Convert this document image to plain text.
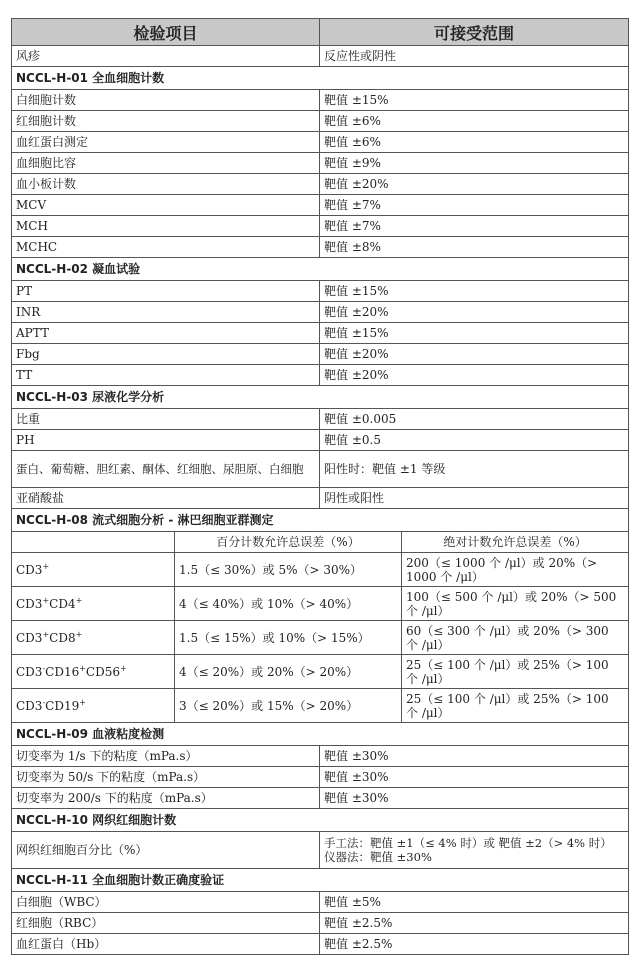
检验项目		可接受范围	
风疹		反应性或阴性	
NCCL-H-01 全血细胞计数			
白细胞计数		靶值 ±15%	
红细胞计数		靶值 ±6%	
血红蛋白测定		靶值 ±6%	
血细胞比容		靶值 ±9%	
血小板计数		靶值 ±20%	
MCV		靶值 ±7%	
MCH		靶值 ±7%	
MCHC		靶值 ±8%	
NCCL-H-02 凝血试验			
PT		靶值 ±15%	
INR		靶值 ±20%	
APTT		靶值 ±15%	
Fbg		靶值 ±20%	
TT		靶值 ±20%	
NCCL-H-03 尿液化学分析			
比重		靶值 ±0.005	
PH		靶值 ±0.5	
蛋白、葡萄糖、胆红素、酮体、红细胞、尿胆原、白细胞		阳性时：靶值 ±1 等级	
亚硝酸盐		阴性或阳性	
NCCL-H-08 流式细胞分析 - 淋巴细胞亚群测定			
	百分计数允许总误差（%）		绝对计数允许总误差（%）
CD3+	1.5（≤ 30%）或 5%（> 30%）		200（≤ 1000 个 /μl）或 20%（> 1000 个 /μl）
CD3+CD4+	4（≤ 40%）或 10%（> 40%）		100（≤ 500 个 /μl）或 20%（> 500 个 /μl）
CD3+CD8+	1.5（≤ 15%）或 10%（> 15%）		60（≤ 300 个 /μl）或 20%（> 300 个 /μl）
CD3-CD16+CD56+	4（≤ 20%）或 20%（> 20%）		25（≤ 100 个 /μl）或 25%（> 100 个 /μl）
CD3-CD19+	3（≤ 20%）或 15%（> 20%）		25（≤ 100 个 /μl）或 25%（> 100 个 /μl）
NCCL-H-09 血液粘度检测			
切变率为 1/s 下的粘度（mPa.s）		靶值 ±30%	
切变率为 50/s 下的粘度（mPa.s）		靶值 ±30%	
切变率为 200/s 下的粘度（mPa.s）		靶值 ±30%	
NCCL-H-10 网织红细胞计数			
网织红细胞百分比（%）		手工法：靶值 ±1（≤ 4% 时）或 靶值 ±2（> 4% 时）
仪器法：靶值 ±30%	

NCCL-H-11 全血细胞计数正确度验证			
白细胞（WBC）		靶值 ±5%	
红细胞（RBC）		靶值 ±2.5%	
血红蛋白（Hb）		靶值 ±2.5%	
